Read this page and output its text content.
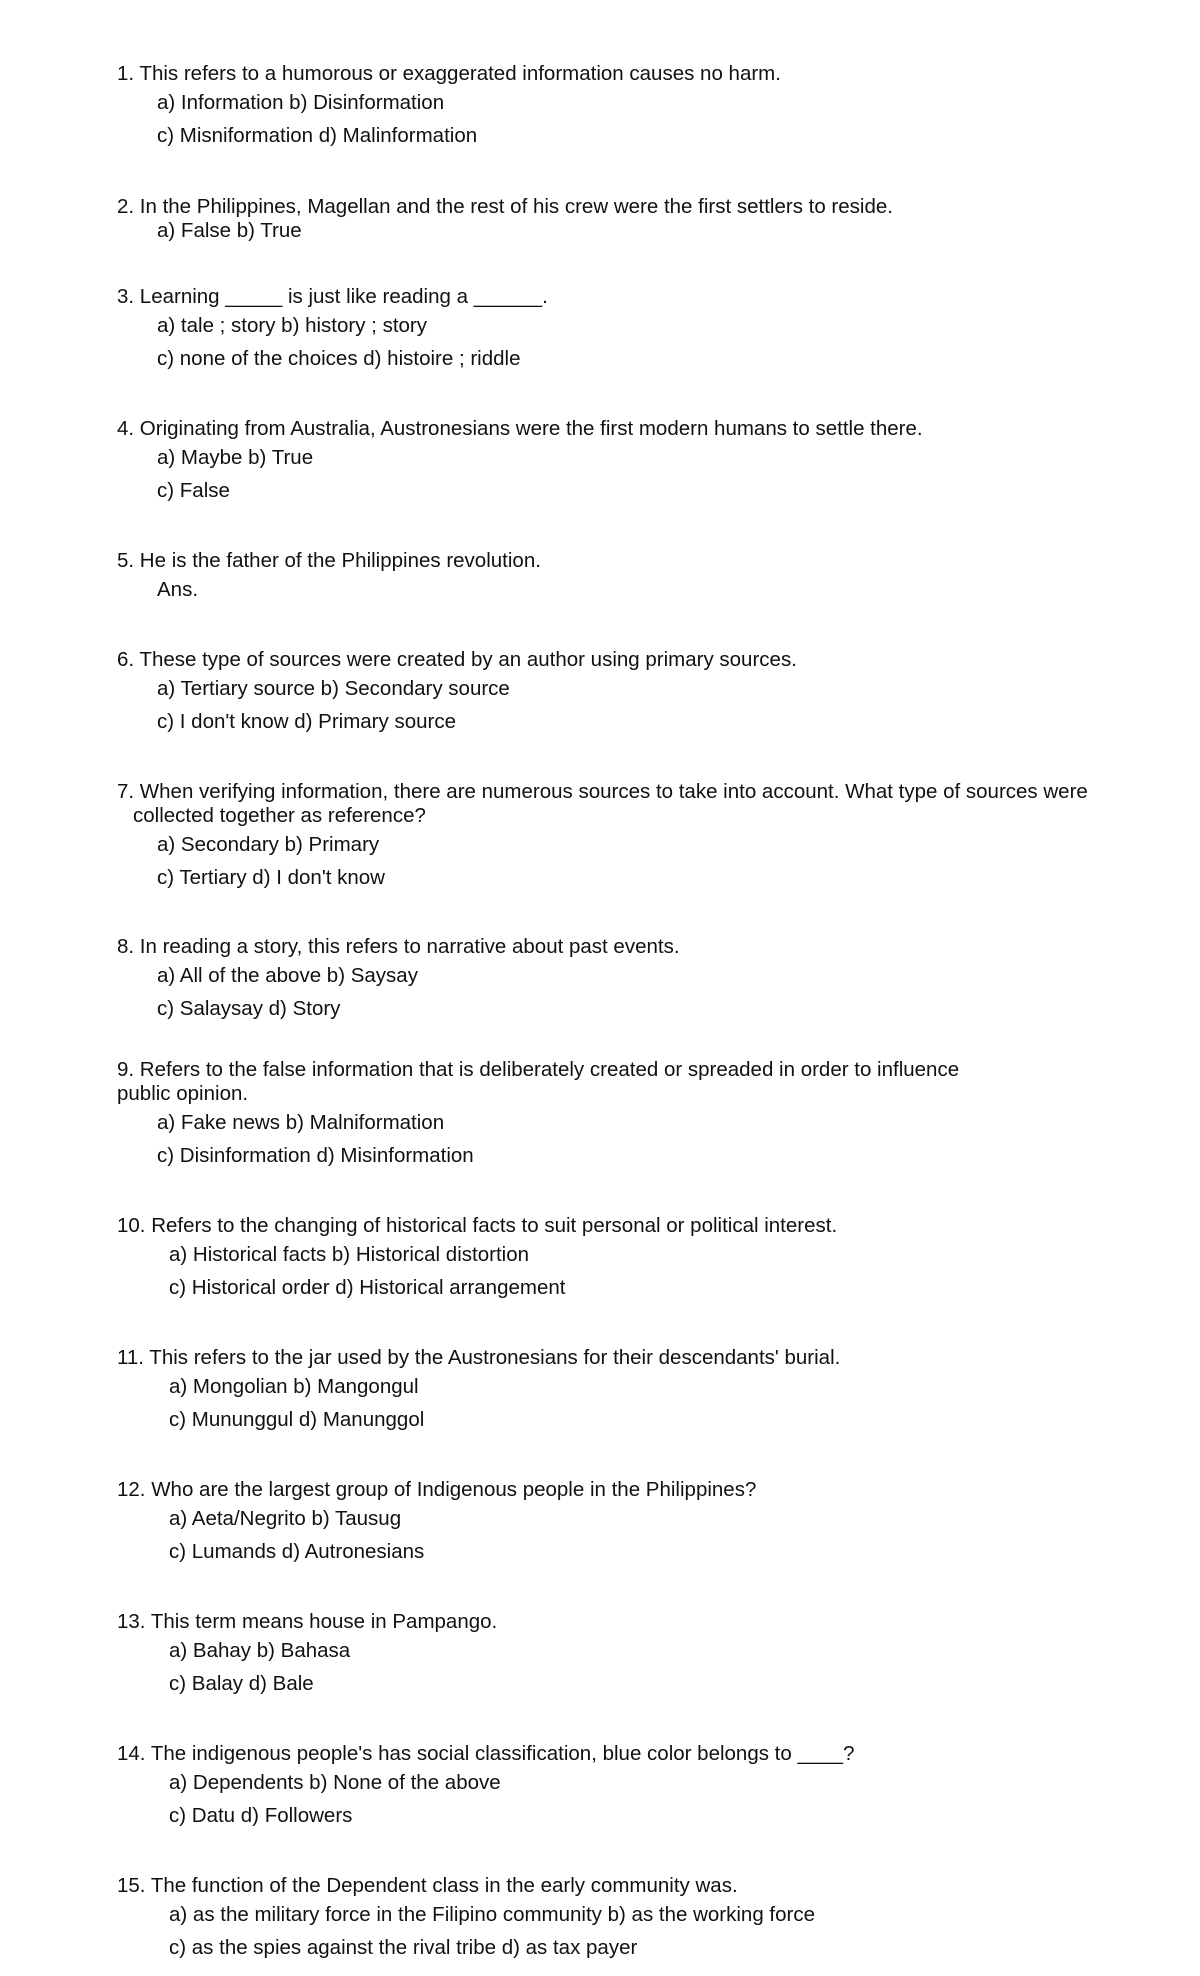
1. This refers to a humorous or exaggerated information causes no harm.

a) Information b) Disinformation

c) Misniformation d) Malinformation

2. In the Philippines, Magellan and the rest of his crew were the first settlers to reside.

a) False b) True

3. Learning _____ is just like reading a ______.

a) tale ; story b) history ; story

c) none of the choices d) histoire ; riddle

4. Originating from Australia, Austronesians were the first modern humans to settle there.

a) Maybe b) True

c) False

5. He is the father of the Philippines revolution.

Ans.

6. These type of sources were created by an author using primary sources.

a) Tertiary source b) Secondary source

c) I don't know d) Primary source

7. When verifying information, there are numerous sources to take into account. What type of sources were collected together as reference?

a) Secondary b) Primary

c) Tertiary d) I don't know

8. In reading a story, this refers to narrative about past events.

a) All of the above b) Saysay

c) Salaysay d) Story

9. Refers to the false information that is deliberately created or spreaded in order to influence public opinion.

a) Fake news b) Malniformation

c) Disinformation d) Misinformation

10. Refers to the changing of historical facts to suit personal or political interest.

a) Historical facts b) Historical distortion

c) Historical order d) Historical arrangement

11. This refers to the jar used by the Austronesians for their descendants' burial.

a) Mongolian b) Mangongul

c) Mununggul d) Manunggol

12. Who are the largest group of Indigenous people in the Philippines?

a) Aeta/Negrito b) Tausug

c) Lumands d) Autronesians

13. This term means house in Pampango.

a) Bahay b) Bahasa

c) Balay d) Bale

14. The indigenous people's has social classification, blue color belongs to ____?

a) Dependents b) None of the above

c) Datu d) Followers

15. The function of the Dependent class in the early community was.

a) as the military force in the Filipino community b) as the working force

c) as the spies against the rival tribe d) as tax payer
